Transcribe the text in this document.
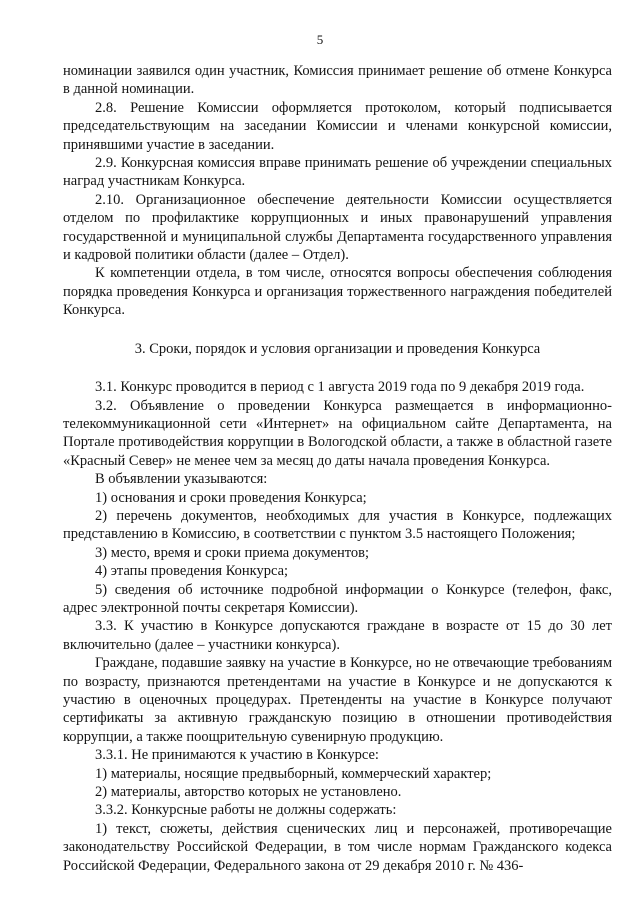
5

номинации заявился один участник, Комиссия принимает решение об отмене Конкурса в данной номинации.

2.8. Решение Комиссии оформляется протоколом, который подписывается председательствующим на заседании Комиссии и членами конкурсной комиссии, принявшими участие в заседании.

2.9. Конкурсная комиссия вправе принимать решение об учреждении специальных наград участникам Конкурса.

2.10. Организационное обеспечение деятельности Комиссии осуществляется отделом по профилактике коррупционных и иных правонарушений управления государственной и муниципальной службы Департамента государственного управления и кадровой политики области (далее – Отдел).

К компетенции отдела, в том числе, относятся вопросы обеспечения соблюдения порядка проведения Конкурса и организация торжественного награждения победителей Конкурса.

3. Сроки, порядок и условия организации и проведения Конкурса

3.1. Конкурс проводится в период с 1 августа 2019 года по 9 декабря 2019 года.

3.2. Объявление о проведении Конкурса размещается в информационно-телекоммуникационной сети «Интернет» на официальном сайте Департамента, на Портале противодействия коррупции в Вологодской области, а также в областной газете «Красный Север» не менее чем за месяц до даты начала проведения Конкурса.

В объявлении указываются:

1) основания и сроки проведения Конкурса;

2) перечень документов, необходимых для участия в Конкурсе, подлежащих представлению в Комиссию, в соответствии с пунктом 3.5 настоящего Положения;

3) место, время и сроки приема документов;

4) этапы проведения Конкурса;

5) сведения об источнике подробной информации о Конкурсе (телефон, факс, адрес электронной почты секретаря Комиссии).

3.3. К участию в Конкурсе допускаются граждане в возрасте от 15 до 30 лет включительно (далее – участники конкурса).

Граждане, подавшие заявку на участие в Конкурсе, но не отвечающие требованиям по возрасту, признаются претендентами на участие в Конкурсе и не допускаются к участию в оценочных процедурах. Претенденты на участие в Конкурсе получают сертификаты за активную гражданскую позицию в отношении противодействия коррупции, а также поощрительную сувенирную продукцию.

3.3.1. Не принимаются к участию в Конкурсе:

1) материалы, носящие предвыборный, коммерческий характер;

2) материалы, авторство которых не установлено.

3.3.2. Конкурсные работы не должны содержать:

1) текст, сюжеты, действия сценических лиц и персонажей, противоречащие законодательству Российской Федерации, в том числе нормам Гражданского кодекса Российской Федерации, Федерального закона от 29 декабря 2010 г. № 436-
